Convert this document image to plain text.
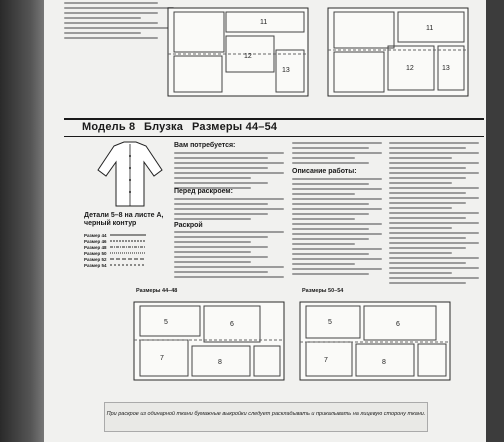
11
12
13
11
12	13
Модель 8 Блузка Размеры 44–54
Детали 5–8 на листе А, черный контур
Размер 44
Размер 46
Размер 48
Размер 50
Размер 52
Размер 54
Вам потребуется:
Перед раскроем:
Раскрой
Описание работы:
Размеры 44–48
5	6
7
8
Размеры 50–54
5	6
7	8
При раскрое из одинарной ткани бумажные выкройки следует раскладывать и прикалывать на лицевую сторону ткани.
